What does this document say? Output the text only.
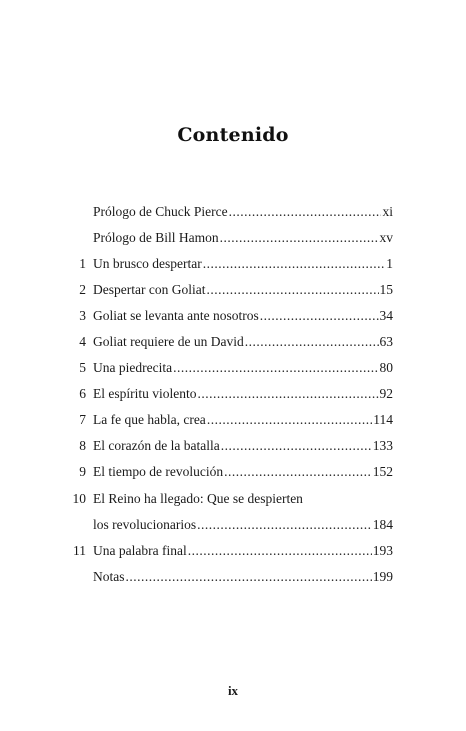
Contenido
Prólogo de Chuck Pierce .....	xi
Prólogo de Bill Hamon .....	xv
1 Un brusco despertar .....	1
2 Despertar con Goliat .....	15
3 Goliat se levanta ante nosotros .....	34
4 Goliat requiere de un David .....	63
5 Una piedrecita .....	80
6 El espíritu violento .....	92
7 La fe que habla, crea .....	114
8 El corazón de la batalla .....	133
9 El tiempo de revolución .....	152
10 El Reino ha llegado: Que se despierten
los revolucionarios .....	184
11 Una palabra final .....	193
Notas .....	199
ix
